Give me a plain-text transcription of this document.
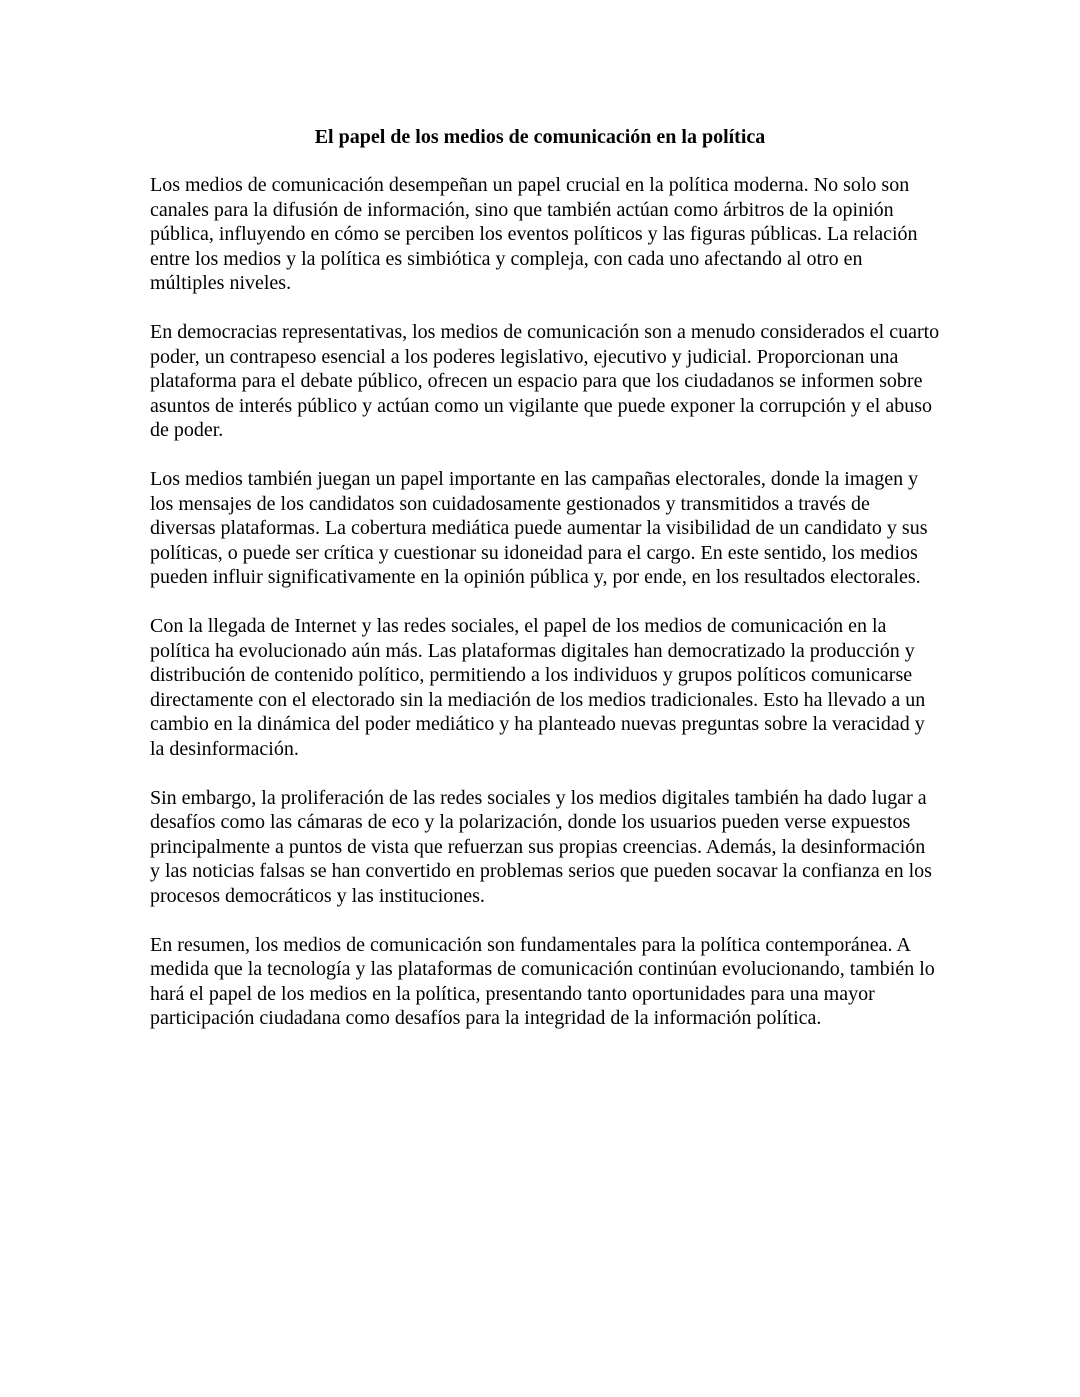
El papel de los medios de comunicación en la política

Los medios de comunicación desempeñan un papel crucial en la política moderna. No solo son canales para la difusión de información, sino que también actúan como árbitros de la opinión pública, influyendo en cómo se perciben los eventos políticos y las figuras públicas. La relación entre los medios y la política es simbiótica y compleja, con cada uno afectando al otro en múltiples niveles.

En democracias representativas, los medios de comunicación son a menudo considerados el cuarto poder, un contrapeso esencial a los poderes legislativo, ejecutivo y judicial. Proporcionan una plataforma para el debate público, ofrecen un espacio para que los ciudadanos se informen sobre asuntos de interés público y actúan como un vigilante que puede exponer la corrupción y el abuso de poder.

Los medios también juegan un papel importante en las campañas electorales, donde la imagen y los mensajes de los candidatos son cuidadosamente gestionados y transmitidos a través de diversas plataformas. La cobertura mediática puede aumentar la visibilidad de un candidato y sus políticas, o puede ser crítica y cuestionar su idoneidad para el cargo. En este sentido, los medios pueden influir significativamente en la opinión pública y, por ende, en los resultados electorales.

Con la llegada de Internet y las redes sociales, el papel de los medios de comunicación en la política ha evolucionado aún más. Las plataformas digitales han democratizado la producción y distribución de contenido político, permitiendo a los individuos y grupos políticos comunicarse directamente con el electorado sin la mediación de los medios tradicionales. Esto ha llevado a un cambio en la dinámica del poder mediático y ha planteado nuevas preguntas sobre la veracidad y la desinformación.

Sin embargo, la proliferación de las redes sociales y los medios digitales también ha dado lugar a desafíos como las cámaras de eco y la polarización, donde los usuarios pueden verse expuestos principalmente a puntos de vista que refuerzan sus propias creencias. Además, la desinformación y las noticias falsas se han convertido en problemas serios que pueden socavar la confianza en los procesos democráticos y las instituciones.

En resumen, los medios de comunicación son fundamentales para la política contemporánea. A medida que la tecnología y las plataformas de comunicación continúan evolucionando, también lo hará el papel de los medios en la política, presentando tanto oportunidades para una mayor participación ciudadana como desafíos para la integridad de la información política.
